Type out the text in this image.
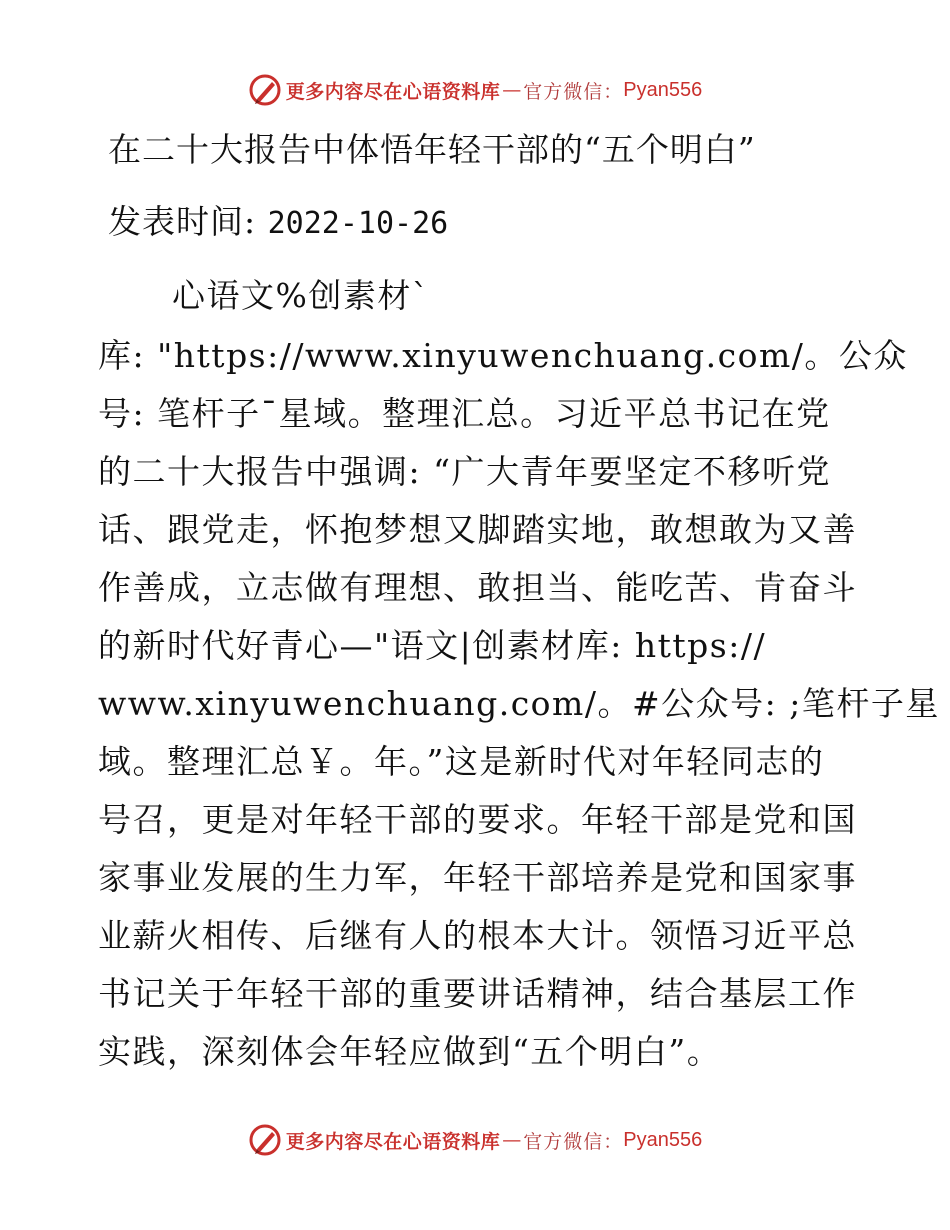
更多内容尽在心语资料库 — 官方微信： Pyan556
在二十大报告中体悟年轻干部的“五个明白”
发表时间: 2022-10-26
心语文%创素材`
库: "https://www.xinyuwenchuang.com/。公众
号: 笔杆子¯星域。整理汇总。习近平总书记在党
的二十大报告中强调: “广大青年要坚定不移听党
话、跟党走，怀抱梦想又脚踏实地，敢想敢为又善
作善成，立志做有理想、敢担当、能吃苦、肯奋斗
的新时代好青心—"语文|创素材库: https://
www.xinyuwenchuang.com/。#公众号: ;笔杆子星
域。整理汇总￥。年。”这是新时代对年轻同志的
号召，更是对年轻干部的要求。年轻干部是党和国
家事业发展的生力军，年轻干部培养是党和国家事
业薪火相传、后继有人的根本大计。领悟习近平总
书记关于年轻干部的重要讲话精神，结合基层工作
实践，深刻体会年轻应做到“五个明白”。
更多内容尽在心语资料库 — 官方微信： Pyan556
